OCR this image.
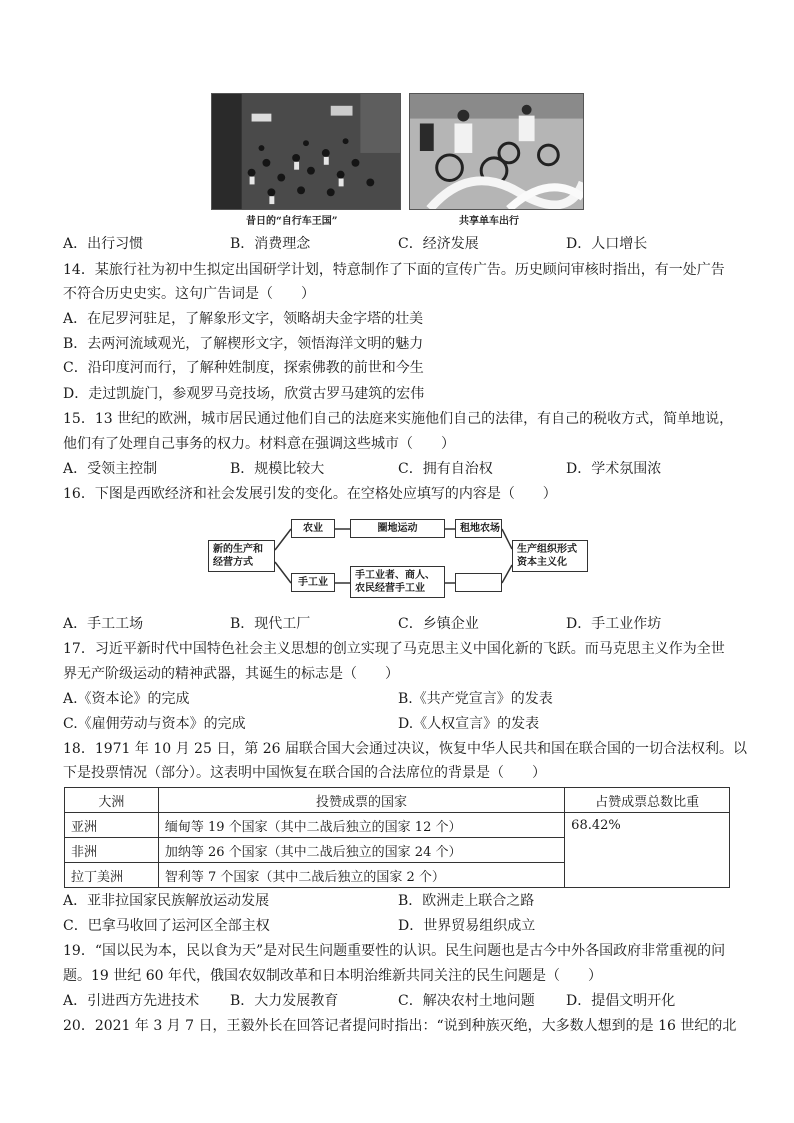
昔日的“自行车王国”	共享单车出行
A．出行习惯	B．消费理念	C．经济发展	D．人口增长
14．某旅行社为初中生拟定出国研学计划，特意制作了下面的宣传广告。历史顾问审核时指出，有一处广告
不符合历史史实。这句广告词是（　　）
A．在尼罗河驻足，了解象形文字，领略胡夫金字塔的壮美
B．去两河流域观光，了解楔形文字，领悟海洋文明的魅力
C．沿印度河而行，了解种姓制度，探索佛教的前世和今生
D．走过凯旋门，参观罗马竞技场，欣赏古罗马建筑的宏伟
15．13 世纪的欧洲，城市居民通过他们自己的法庭来实施他们自己的法律，有自己的税收方式，简单地说，
他们有了处理自己事务的权力。材料意在强调这些城市（　　）
A．受领主控制	B．规模比较大	C．拥有自治权	D．学术氛围浓
16．下图是西欧经济和社会发展引发的变化。在空格处应填写的内容是（　　）
新的生产和经营方式
农业	圈地运动	租地农场
手工业
手工业者、商人、农民经营手工业
生产组织形式资本主义化
A．手工工场	B．现代工厂	C．乡镇企业	D．手工业作坊
17．习近平新时代中国特色社会主义思想的创立实现了马克思主义中国化新的飞跃。而马克思主义作为全世
界无产阶级运动的精神武器，其诞生的标志是（　　）
A.《资本论》的完成	B.《共产党宣言》的发表
C.《雇佣劳动与资本》的完成	D.《人权宣言》的发表
18．1971 年 10 月 25 日，第 26 届联合国大会通过决议，恢复中华人民共和国在联合国的一切合法权利。以
下是投票情况（部分）。这表明中国恢复在联合国的合法席位的背景是（　　）
大洲	投赞成票的国家	占赞成票总数比重
亚洲	缅甸等 19 个国家（其中二战后独立的国家 12 个）	68.42%
非洲	加纳等 26 个国家（其中二战后独立的国家 24 个）	
拉丁美洲	智利等 7 个国家（其中二战后独立的国家 2 个）	
A．亚非拉国家民族解放运动发展	B．欧洲走上联合之路
C．巴拿马收回了运河区全部主权	D．世界贸易组织成立
19．“国以民为本，民以食为天”是对民生问题重要性的认识。民生问题也是古今中外各国政府非常重视的问
题。19 世纪 60 年代，俄国农奴制改革和日本明治维新共同关注的民生问题是（　　）
A．引进西方先进技术 B．大力发展教育	C．解决农村土地问题 D．提倡文明开化
20．2021 年 3 月 7 日，王毅外长在回答记者提问时指出：“说到种族灭绝，大多数人想到的是 16 世纪的北
